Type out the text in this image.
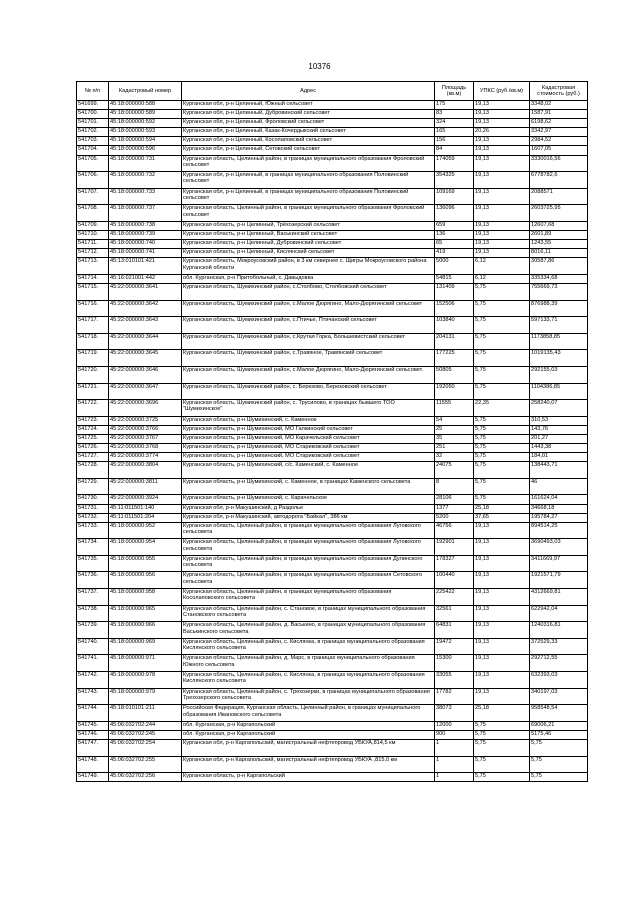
10376
№ п/п	Кадастровый номер	Адрес	Площадь (кв.м)	УПКС (руб./кв.м)	Кадастровая стоимость (руб.)
541699.	45:18:000000:588	Курганская обл, р-н Целинный, Южный сельсовет	175	19,13	3348,02
541700.	45:18:000000:589	Курганская обл, р-н Целинный, Дубровинский сельсовет	83	19,13	1587,91
541701.	45:18:000000:592	Курганская обл, р-н Целинный, Фроловский сельсовет	324	19,13	6198,62
541702.	45:18:000000:593	Курганская обл, р-н Целинный, Казак-Кочердыкский сельсовет	165	20,26	3342,97
541703.	45:18:000000:594	Курганская обл, р-н Целинный, Косолаповский сельсовет	156	19,13	2984,52
541704.	45:18:000000:596	Курганская обл, р-н Целинный, Сетовский сельсовет	84	19,13	1607,05
541705.	45:18:000000:731	Курганская область, Целинный район, в границах муниципального образования Фроловский сельсовет	174059	19,13	3330016,56
541706.	45:18:000000:732	Курганская обл, р-н Целинный, в границах муниципального образования Половинский сельсовет	354325	19,13	6778782,6
541707.	45:18:000000:733	Курганская обл, р-н Целинный, в границах муниципального образования Половинский сельсовет	109169	19,13	2088571
541708.	45:18:000000:737	Курганская область, Целинный район, в границах муниципального образования Фроловский сельсовет	136096	19,13	2603725,95
541709.	45:18:000000:738	Курганская область, р-н Целинный, Трёхозерский сельсовет	659	19,13	12607,68
541710.	45:18:000000:739	Курганская область, р-н Целинный, Васькинский сельсовет	136	19,13	2601,89
541711.	45:18:000000:740	Курганская область, р-н Целинный, Дубровинский сельсовет	65	19,13	1243,55
541712.	45:18:000000:741	Курганская область, р-н Целинный, Кислянский сельсовет	419	19,13	8016,11
541713.	45:13:010101:421	Курганская область, Мокроусовский район, в 3 км севернее с. Щигры Мокроусовского района Курганской области	5000	6,12	30587,86
541714.	45:16:021001:442	обл. Курганская, р-н Притобольный, с. Давыдовка	54815	6,12	335334,68
541715.	45:22:000000:3641	Курганская область, Шумихинский район, с.Столбово, Столбовский сельсовет	131409	5,75	755669,73
541716.	45:22:000000:3642	Курганская область, Шумихинский район, с.Малое Дюрягино, Мало-Дюрягинский сельсовет	152506	5,75	876988,39
541717.	45:22:000000:3643	Курганская область, Шумихинский район, с.Птичье, Птичанский сельсовет	103840	5,75	597133,71
541718.	45:22:000000:3644	Курганская область, Шумихинский район, с.Крутая Горка, Большевистский сельсовет	204131	5,75	1173858,85
541719.	45:22:000000:3645	Курганская область, Шумихинский район, с.Травяное, Травянский сельсовет	177225	5,75	1019135,43
541720.	45:22:000000:3646	Курганская область, Шумихинский район, с.Малое Дюрягино, Мало-Дюрягинский сельсовет.	50805	5,75	292155,03
541721.	45:22:000000:3647	Курганская область, Шумихинский район, с. Березово, Березовский сельсовет	192050	5,75	1104386,85
541722.	45:22:000000:3696	Курганская область, Шумихинский район, с. Трусилово, в границах бывшего ТОО "Шумихинское"	11555	22,35	258240,07
541723.	45:22:000000:3725	Курганская область, р-н Шумихинский, с. Каменное	54	5,75	310,53
541724.	45:22:000000:3766	Курганская область, р-н Шумихинский, МО Галкинский сельсовет	25	5,75	143,76
541725.	45:22:000000:3767	Курганская область, р-н Шумихинский, МО Карачельский сельсовет	35	5,75	201,27
541726.	45:22:000000:3768	Курганская область, р-н Шумихинский, МО Стариковский сельсовет	251	5,75	1443,38
541727.	45:22:000000:3774	Курганская область, р-н Шумихинский, МО Стариковский сельсовет	32	5,75	184,01
541728.	45:22:000000:3804	Курганская область, р-н Шумихинский, с/с. Каменский, с. Каменное	24075	5,75	138443,71
541729.	45:22:000000:3811	Курганская область, р-н Шумихинский, с. Каменное, в границах Каменского сельсовета	8	5,75	46
541730.	45:22:000000:3924	Курганская область, р-н Шумихинский, с. Карачельское	28106	5,75	161624,04
541731.	45:11:011501:140	Курганская обл, р-н Макушинский, д Раздолье	1377	25,18	34668,18
541732.	45:11:011501:204	Курганская обл, р-н Макушинский, автодорога "Байкал", 386 км	5200	37,65	195784,27
541733.	45:18:000000:952	Курганская область, Целинный район, в границах муниципального образования Луговского сельсовета	46756	19,13	894514,25
541734.	45:18:000000:954	Курганская область, Целинный район, в границах муниципального образования Луговского сельсовета	192901	19,13	3690493,03
541735.	45:18:000000:955	Курганская область, Целинный район, в границах муниципального образования Дулинского сельсовета	178327	19,13	3411669,97
541736.	45:18:000000:956	Курганская область, Целинный район, в границах муниципального образования Сетовского сельсовета	100440	19,13	1921571,79
541737.	45:18:000000:958	Курганская область, Целинный район, в границах муниципального образования Косолаповского сельсовета	225422	19,13	4312669,81
541738.	45:18:000000:965	Курганская область, Целинный район, с. Становое, в границах муниципального образования Становского сельсовета	32561	19,13	622942,04
541739.	45:18:000000:966	Курганская область, Целинный район, д. Васькино, в границах муниципального образования Васькинского сельсовета	64831	19,13	1240316,81
541740.	45:18:000000:969	Курганская область, Целинный район, с. Кислянка, в границах муниципального образования Кислянского сельсовета	19472	19,13	372529,33
541741.	45:18:000000:971	Курганская область, Целинный район, д. Марс, в границах муниципального образования Южного сельсовета	15300	19,13	292712,55
541742.	45:18:000000:978	Курганская область, Целинный район, с. Кислянка, в границах муниципального образования Кислянского сельсовета	33055	19,13	632393,03
541743.	45:18:000000:979	Курганская область, Целинный район, с. Трехозерки, в границах муниципального образования Трехозерского сельсовета	17782	19,13	340197,03
541744.	45:18:010101:211	Российская Федерация, Курганская область, Целинный район, в границах муниципального образования Ивановского сельсовета	38073	25,18	958548,54
541745.	45:06:032702:244	обл. Курганская, р-н Каргапольский	12000	5,75	69006,21
541746.	45:06:032702:245	обл. Курганская, р-н Каргапольский	900	5,75	5175,46
541747.	45:06:032702:254	Курганская обл, р-н Каргапольский, магистральный нефтепровод УБКУА,814,5 км	1	5,75	5,75
541748.	45:06:032702:255	Курганская обл, р-н Каргапольский, магистральный нефтепровод УБКУА ,815,0 км	1	5,75	5,75
541749.	45:06:032702:256	Курганская область, р-н Каргапольский	1	5,75	5,75
